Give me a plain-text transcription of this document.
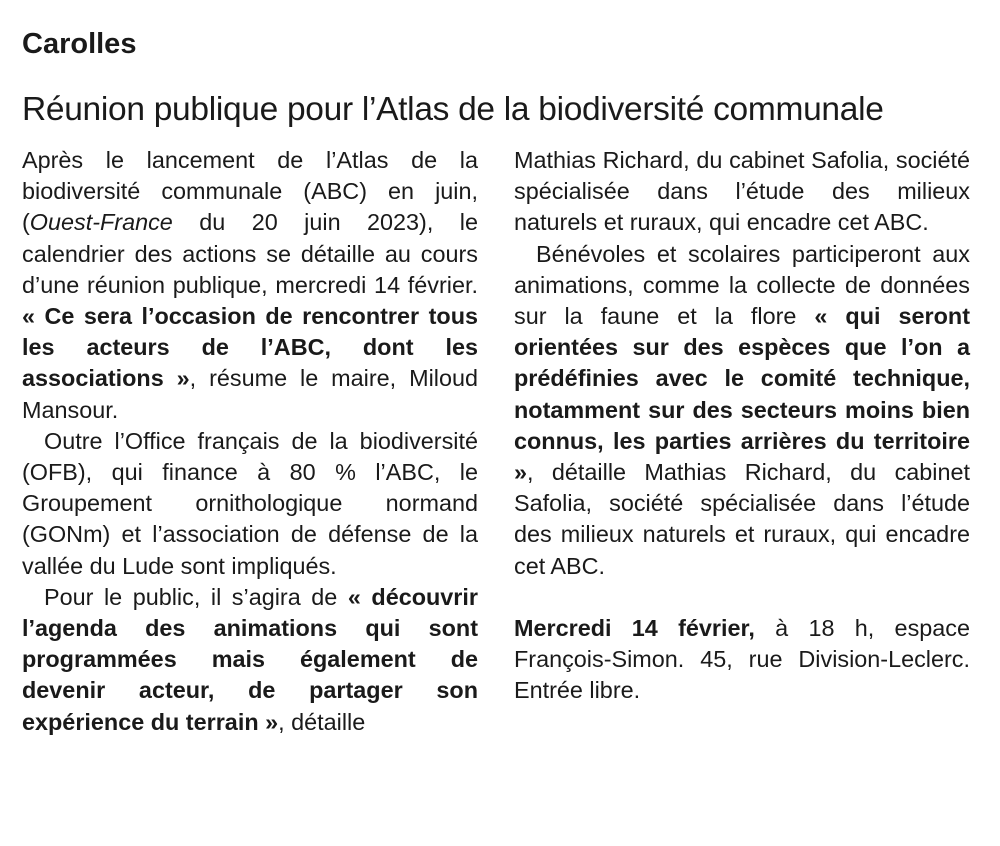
Carolles
Réunion publique pour l’Atlas de la biodiversité communale

Après le lancement de l’Atlas de la biodiversité communale (ABC) en juin, (Ouest-France du 20 juin 2023), le calendrier des actions se détaille au cours d’une réunion publique, mercredi 14 février. « Ce sera l’occasion de rencontrer tous les acteurs de l’ABC, dont les associations », résume le maire, Miloud Mansour.

Outre l’Office français de la biodiversité (OFB), qui finance à 80 % l’ABC, le Groupement ornithologique normand (GONm) et l’association de défense de la vallée du Lude sont impliqués.

Pour le public, il s’agira de « découvrir l’agenda des animations qui sont programmées mais également de devenir acteur, de partager son expérience du terrain », détaille

Mathias Richard, du cabinet Safolia, société spécialisée dans l’étude des milieux naturels et ruraux, qui encadre cet ABC.

Bénévoles et scolaires participeront aux animations, comme la collecte de données sur la faune et la flore « qui seront orientées sur des espèces que l’on a prédéfinies avec le comité technique, notamment sur des secteurs moins bien connus, les parties arrières du territoire », détaille Mathias Richard, du cabinet Safolia, société spécialisée dans l’étude des milieux naturels et ruraux, qui encadre cet ABC.

Mercredi 14 février, à 18 h, espace François-Simon. 45, rue Division-Leclerc. Entrée libre.
